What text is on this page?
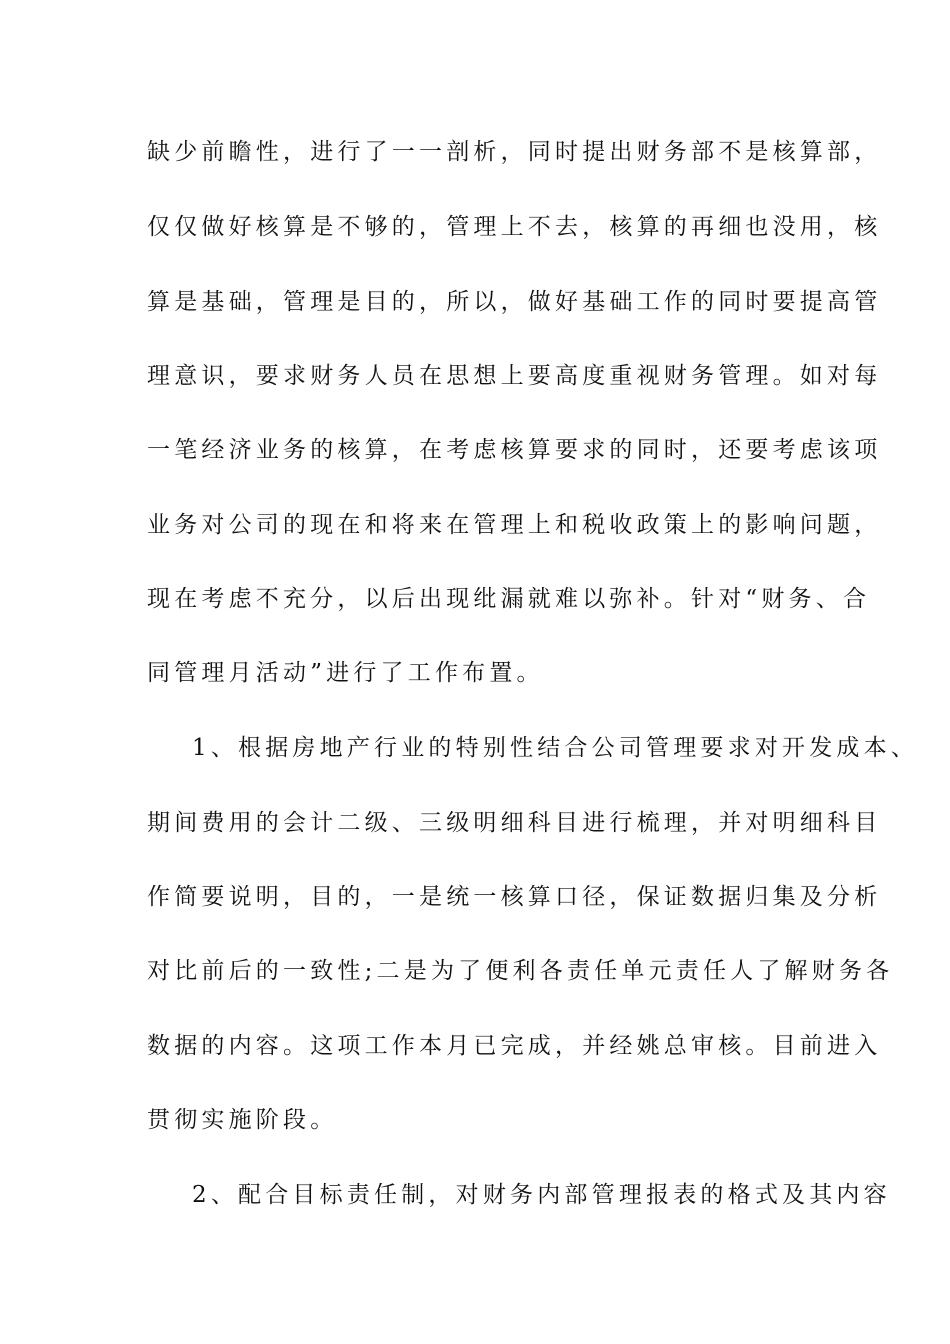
缺少前瞻性，进行了一一剖析，同时提出财务部不是核算部，
仅仅做好核算是不够的，管理上不去，核算的再细也没用，核
算是基础，管理是目的，所以，做好基础工作的同时要提高管
理意识，要求财务人员在思想上要高度重视财务管理。如对每
一笔经济业务的核算，在考虑核算要求的同时，还要考虑该项
业务对公司的现在和将来在管理上和税收政策上的影响问题，
现在考虑不充分，以后出现纰漏就难以弥补。针对“财务、合
同管理月活动”进行了工作布置。
1、根据房地产行业的特别性结合公司管理要求对开发成本、
期间费用的会计二级、三级明细科目进行梳理，并对明细科目
作简要说明，目的，一是统一核算口径，保证数据归集及分析
对比前后的一致性;二是为了便利各责任单元责任人了解财务各
数据的内容。这项工作本月已完成，并经姚总审核。目前进入
贯彻实施阶段。
2、配合目标责任制，对财务内部管理报表的格式及其内容
